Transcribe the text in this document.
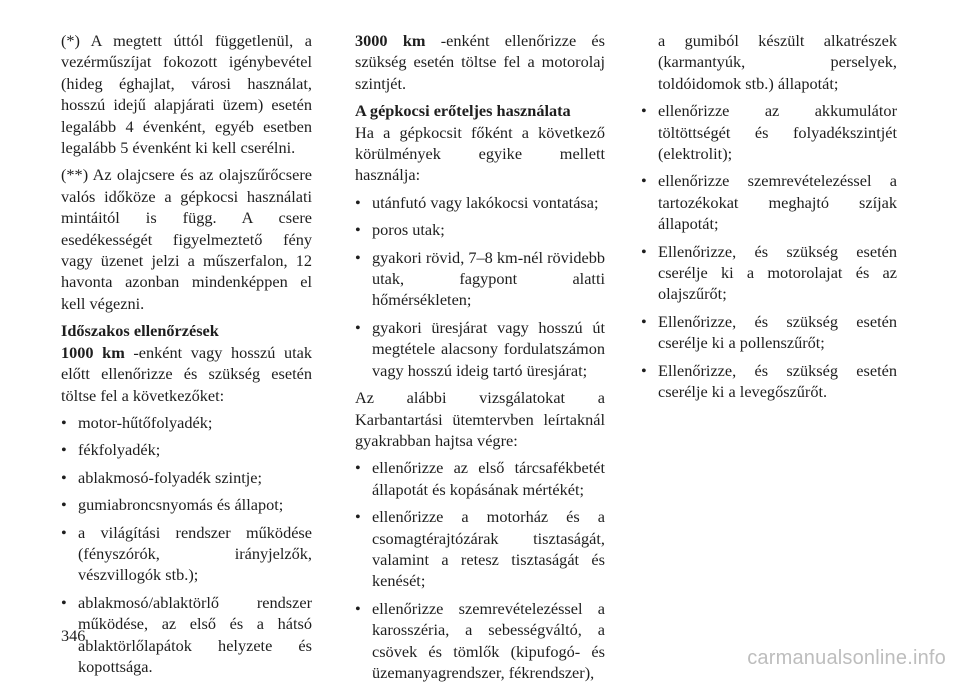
(*) A megtett úttól függetlenül, a vezérműszíjat fokozott igénybevétel (hideg éghajlat, városi használat, hosszú idejű alapjárati üzem) esetén legalább 4 évenként, egyéb esetben legalább 5 évenként ki kell cserélni.

(**) Az olajcsere és az olajszűrőcsere valós időköze a gépkocsi használati mintáitól is függ. A csere esedékességét figyelmeztető fény vagy üzenet jelzi a műszerfalon, 12 havonta azonban mindenképpen el kell végezni.

Időszakos ellenőrzések

1000 km -enként vagy hosszú utak előtt ellenőrizze és szükség esetén töltse fel a következőket:

• motor-hűtőfolyadék;
• fékfolyadék;
• ablakmosó-folyadék szintje;
• gumiabroncsnyomás és állapot;
• a világítási rendszer működése (fényszórók, irányjelzők, vészvillogók stb.);
• ablakmosó/ablaktörlő rendszer működése, az első és a hátsó ablaktörlőlapátok helyzete és kopottsága.

3000 km -enként ellenőrizze és szükség esetén töltse fel a motorolaj szintjét.

A gépkocsi erőteljes használata

Ha a gépkocsit főként a következő körülmények egyike mellett használja:

• utánfutó vagy lakókocsi vontatása;
• poros utak;
• gyakori rövid, 7–8 km-nél rövidebb utak, fagypont alatti hőmérsékleten;
• gyakori üresjárat vagy hosszú út megtétele alacsony fordulatszámon vagy hosszú ideig tartó üresjárat;

Az alábbi vizsgálatokat a Karbantartási ütemtervben leírtaknál gyakrabban hajtsa végre:

• ellenőrizze az első tárcsafékbetét állapotát és kopásának mértékét;
• ellenőrizze a motorház és a csomagtérajtózárak tisztaságát, valamint a retesz tisztaságát és kenését;
• ellenőrizze szemrevételezéssel a karosszéria, a sebességváltó, a csövek és tömlők (kipufogó- és üzemanyagrendszer, fékrendszer),
a gumiból készült alkatrészek (karmantyúk, perselyek, toldóidomok stb.) állapotát;
• ellenőrizze az akkumulátor töltöttségét és folyadékszintjét (elektrolit);
• ellenőrizze szemrevételezéssel a tartozékokat meghajtó szíjak állapotát;
• Ellenőrizze, és szükség esetén cserélje ki a motorolajat és az olajszűrőt;
• Ellenőrizze, és szükség esetén cserélje ki a pollenszűrőt;
• Ellenőrizze, és szükség esetén cserélje ki a levegőszűrőt.
346
carmanualsonline.info
